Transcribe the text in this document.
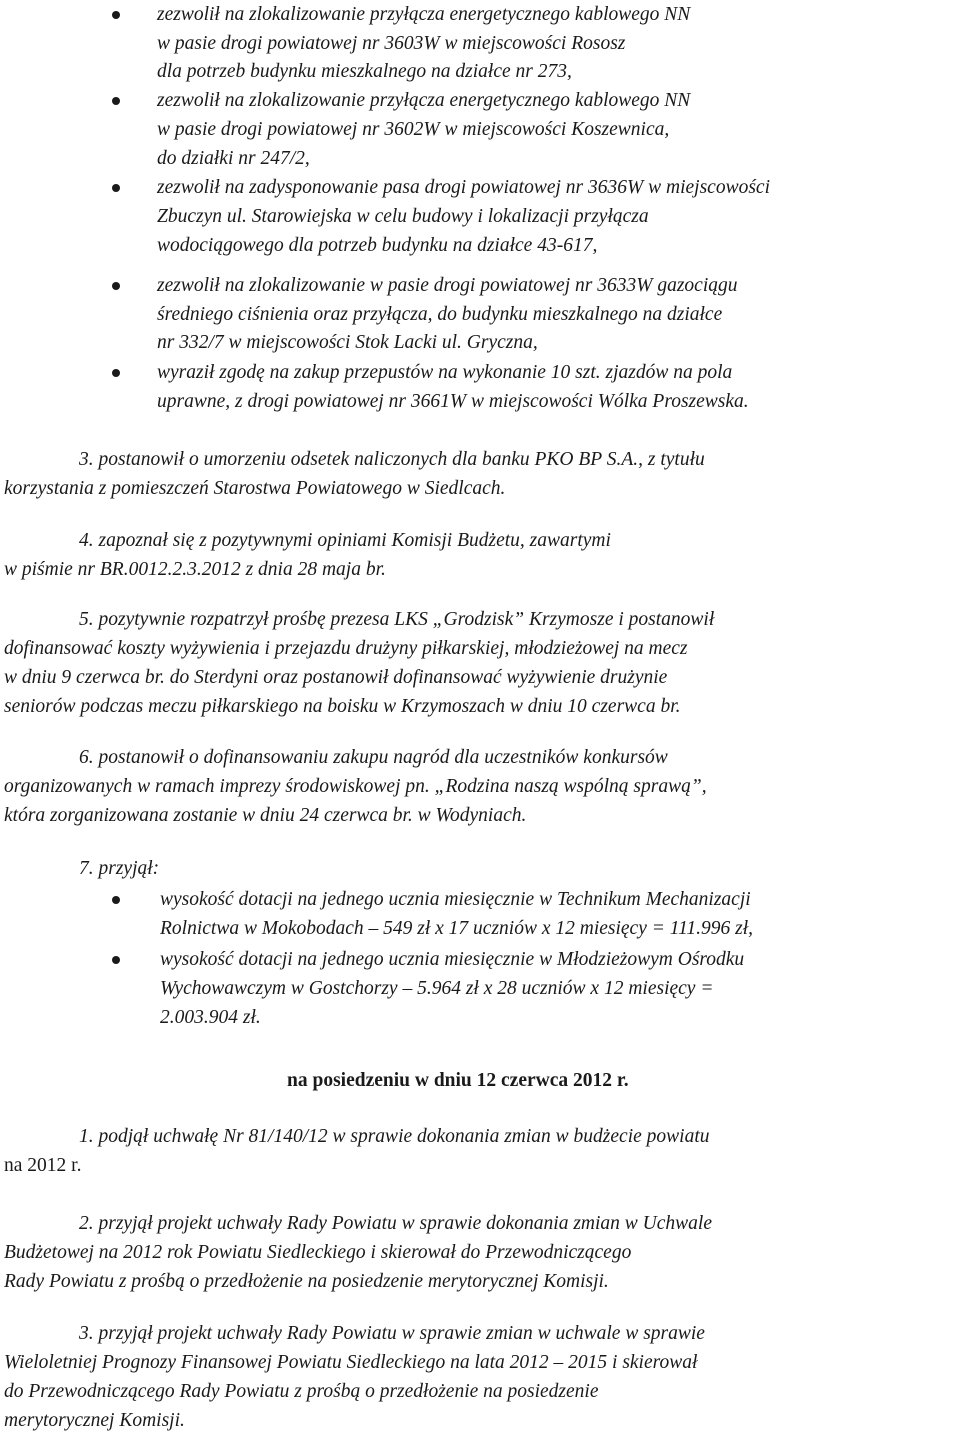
zezwolił na zlokalizowanie przyłącza energetycznego kablowego NN
w pasie drogi powiatowej nr 3603W w miejscowości Rososz
dla potrzeb budynku mieszkalnego na działce nr 273,
zezwolił na zlokalizowanie przyłącza energetycznego kablowego NN
w pasie drogi powiatowej nr 3602W w miejscowości Koszewnica,
do działki nr 247/2,
zezwolił na zadysponowanie pasa drogi powiatowej nr 3636W w miejscowości
Zbuczyn ul. Starowiejska w celu budowy i lokalizacji przyłącza
wodociągowego dla potrzeb budynku na działce 43-617,
zezwolił na zlokalizowanie w pasie drogi powiatowej nr 3633W gazociągu
średniego ciśnienia oraz przyłącza, do budynku mieszkalnego na działce
nr 332/7 w miejscowości Stok Lacki ul. Gryczna,
wyraził zgodę na zakup przepustów na wykonanie 10 szt. zjazdów na pola
uprawne, z drogi powiatowej nr 3661W w miejscowości Wólka Proszewska.
3. postanowił o umorzeniu odsetek naliczonych dla banku PKO BP S.A., z tytułu
korzystania z pomieszczeń Starostwa Powiatowego w Siedlcach.
4. zapoznał się z pozytywnymi opiniami Komisji Budżetu, zawartymi
w piśmie nr BR.0012.2.3.2012 z dnia 28 maja br.
5. pozytywnie rozpatrzył prośbę prezesa LKS „Grodzisk” Krzymosze i postanowił
dofinansować koszty wyżywienia i przejazdu drużyny piłkarskiej, młodzieżowej na mecz
w dniu 9 czerwca br. do Sterdyni oraz postanowił dofinansować wyżywienie drużynie
seniorów podczas meczu piłkarskiego na boisku w Krzymoszach w dniu 10 czerwca br.
6. postanowił o dofinansowaniu zakupu nagród dla uczestników konkursów
organizowanych w ramach imprezy środowiskowej pn. „Rodzina naszą wspólną sprawą”,
która zorganizowana zostanie w dniu 24 czerwca br. w Wodyniach.
7. przyjął:
wysokość dotacji na jednego ucznia miesięcznie w Technikum Mechanizacji
Rolnictwa w Mokobodach – 549 zł x 17 uczniów x 12 miesięcy = 111.996 zł,
wysokość dotacji na jednego ucznia miesięcznie w Młodzieżowym Ośrodku
Wychowawczym w Gostchorzy – 5.964 zł x 28 uczniów x 12 miesięcy =
2.003.904 zł.
na posiedzeniu w dniu 12 czerwca 2012 r.
1. podjął uchwałę Nr 81/140/12 w sprawie dokonania zmian w budżecie powiatu
na 2012 r.
2. przyjął projekt uchwały Rady Powiatu w sprawie dokonania zmian w Uchwale
Budżetowej na 2012 rok Powiatu Siedleckiego i skierował do Przewodniczącego
Rady Powiatu z prośbą o przedłożenie na posiedzenie merytorycznej Komisji.
3. przyjął projekt uchwały Rady Powiatu w sprawie zmian w uchwale w sprawie
Wieloletniej Prognozy Finansowej Powiatu Siedleckiego na lata 2012 – 2015 i skierował
do Przewodniczącego Rady Powiatu z prośbą o przedłożenie na posiedzenie
merytorycznej Komisji.
